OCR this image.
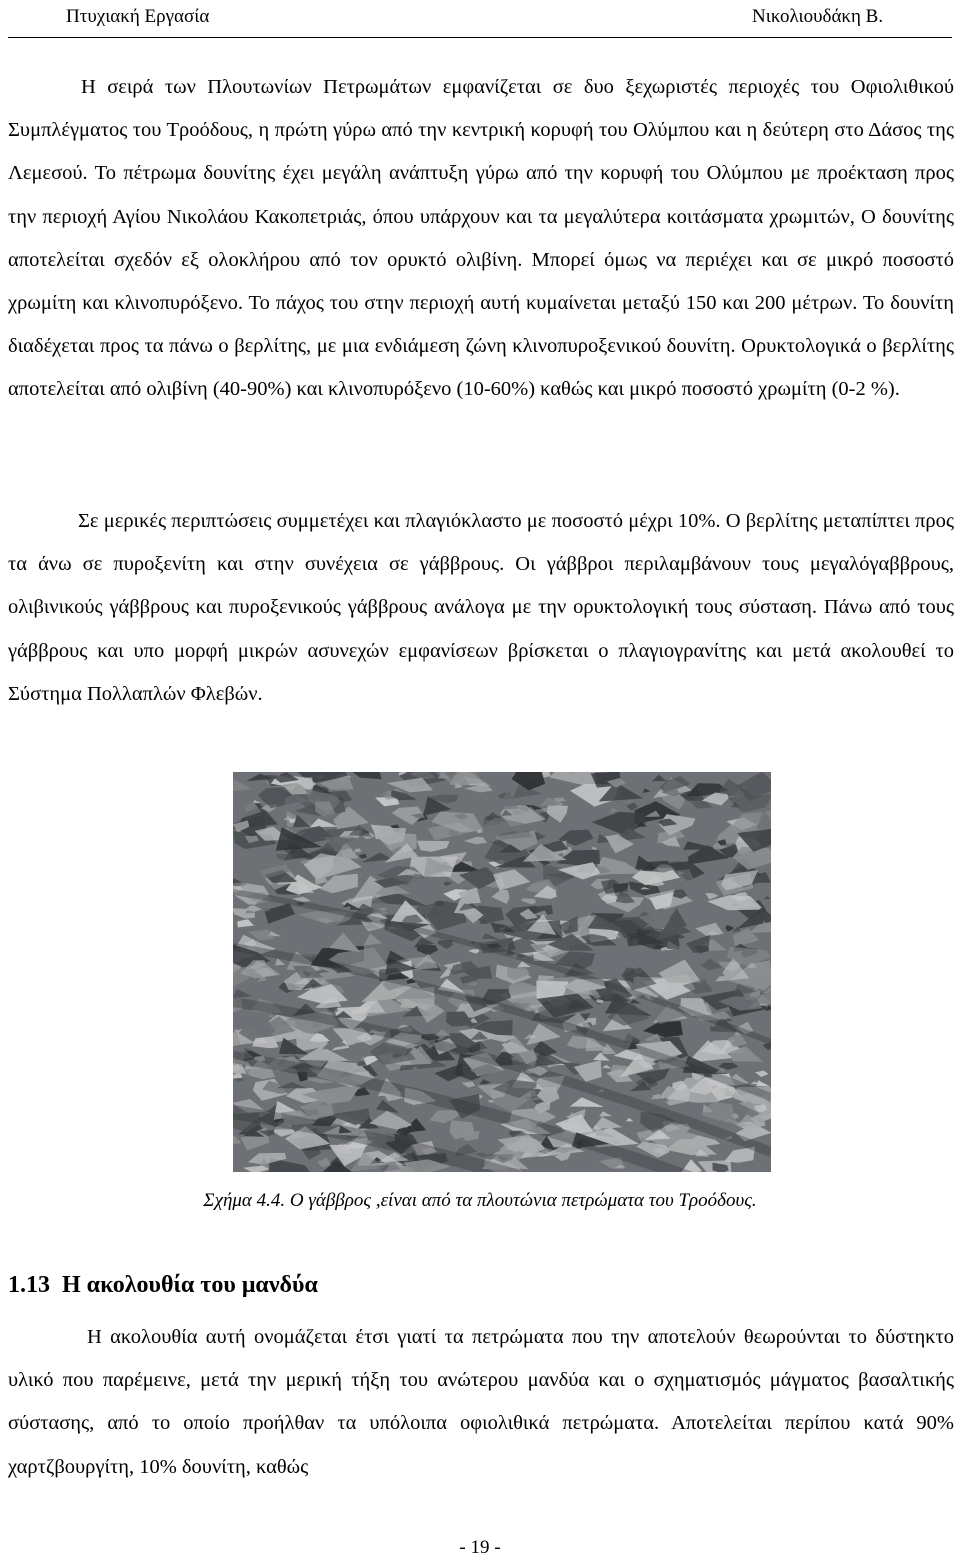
Πτυχιακή Εργασία	Νικολιουδάκη Β.

Η σειρά των Πλουτωνίων Πετρωμάτων εμφανίζεται σε δυο ξεχωριστές περιοχές του Οφιολιθικού Συμπλέγματος του Τροόδους, η πρώτη γύρω από την κεντρική κορυφή του Ολύμπου και η δεύτερη στο Δάσος της Λεμεσού. Το πέτρωμα δουνίτης έχει μεγάλη ανάπτυξη γύρω από την κορυφή του Ολύμπου με προέκταση προς την περιοχή Αγίου Νικολάου Κακοπετριάς, όπου υπάρχουν και τα μεγαλύτερα κοιτάσματα χρωμιτών, Ο δουνίτης αποτελείται σχεδόν εξ ολοκλήρου από τον ορυκτό ολιβίνη. Μπορεί όμως να περιέχει και σε μικρό ποσοστό χρωμίτη και κλινοπυρόξενο. Το πάχος του στην περιοχή αυτή κυμαίνεται μεταξύ 150 και 200 μέτρων. Το δουνίτη διαδέχεται προς τα πάνω ο βερλίτης, με μια ενδιάμεση ζώνη κλινοπυροξενικού δουνίτη. Ορυκτολογικά ο βερλίτης αποτελείται από ολιβίνη (40-90%) και κλινοπυρόξενο (10-60%) καθώς και μικρό ποσοστό χρωμίτη (0-2 %).

Σε μερικές περιπτώσεις συμμετέχει και πλαγιόκλαστο με ποσοστό μέχρι 10%. Ο βερλίτης μεταπίπτει προς τα άνω σε πυροξενίτη και στην συνέχεια σε γάββρους. Οι γάββροι περιλαμβάνουν τους μεγαλόγαββρους, ολιβινικούς γάββρους και πυροξενικούς γάββρους ανάλογα με την ορυκτολογική τους σύσταση. Πάνω από τους γάββρους και υπο μορφή μικρών ασυνεχών εμφανίσεων βρίσκεται ο πλαγιογρανίτης και μετά ακολουθεί το Σύστημα Πολλαπλών Φλεβών.

Σχήμα 4.4. Ο γάββρος ,είναι από τα πλουτώνια πετρώματα του Τροόδους.
1.13 Η ακολουθία του μανδύα

Η ακολουθία αυτή ονομάζεται έτσι γιατί τα πετρώματα που την αποτελούν θεωρούνται το δύστηκτο υλικό που παρέμεινε, μετά την μερική τήξη του ανώτερου μανδύα και ο σχηματισμός μάγματος βασαλτικής σύστασης, από το οποίο προήλθαν τα υπόλοιπα οφιολιθικά πετρώματα. Αποτελείται περίπου κατά 90% χαρτζβουργίτη, 10% δουνίτη, καθώς

- 19 -
